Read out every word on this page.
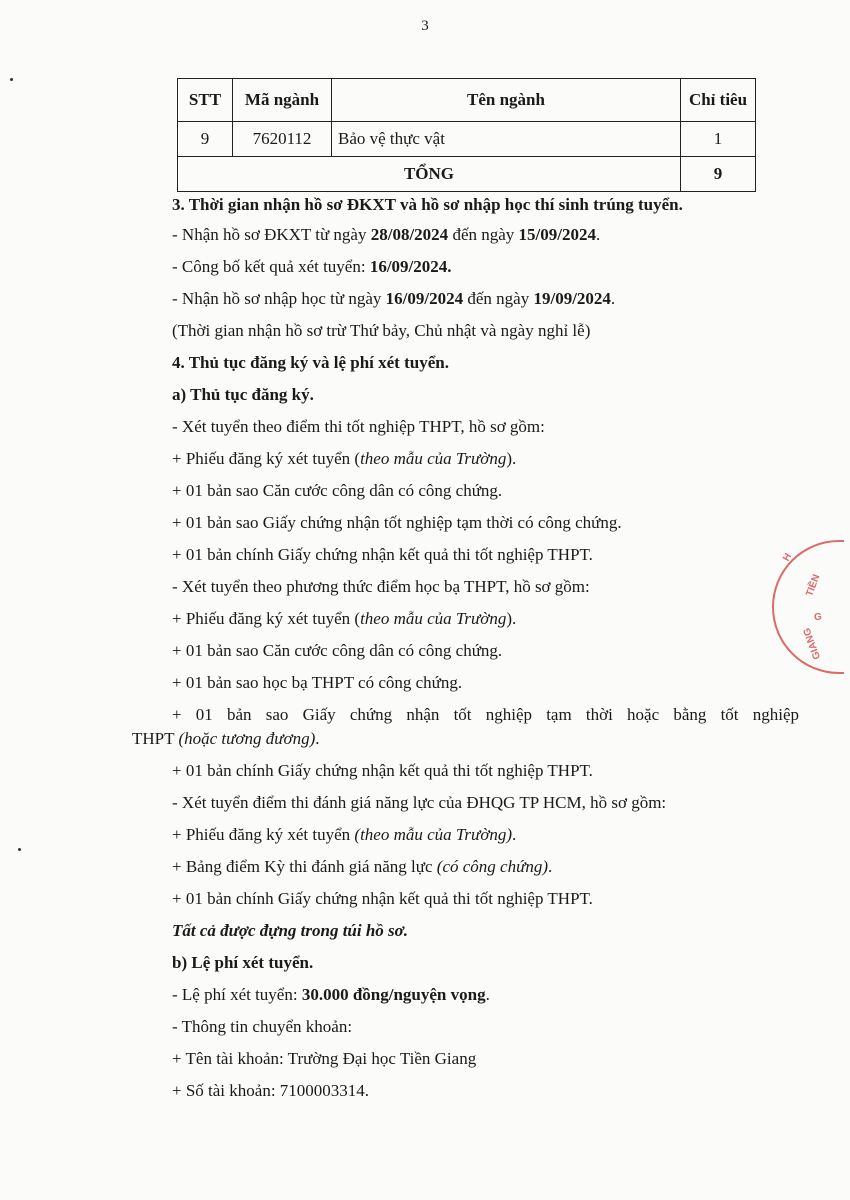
3
STT	Mã ngành	Tên ngành	Chỉ tiêu
9	7620112	Bảo vệ thực vật	1
TỔNG			9
3. Thời gian nhận hồ sơ ĐKXT và hồ sơ nhập học thí sinh trúng tuyển.
- Nhận hồ sơ ĐKXT từ ngày 28/08/2024 đến ngày 15/09/2024.
- Công bố kết quả xét tuyển: 16/09/2024.
- Nhận hồ sơ nhập học từ ngày 16/09/2024 đến ngày 19/09/2024.
(Thời gian nhận hồ sơ trừ Thứ bảy, Chủ nhật và ngày nghỉ lễ)
4. Thủ tục đăng ký và lệ phí xét tuyển.
a) Thủ tục đăng ký.
- Xét tuyển theo điểm thi tốt nghiệp THPT, hồ sơ gồm:
+ Phiếu đăng ký xét tuyển (theo mẫu của Trường).
+ 01 bản sao Căn cước công dân có công chứng.
+ 01 bản sao Giấy chứng nhận tốt nghiệp tạm thời có công chứng.
+ 01 bản chính Giấy chứng nhận kết quả thi tốt nghiệp THPT.
- Xét tuyển theo phương thức điểm học bạ THPT, hồ sơ gồm:
+ Phiếu đăng ký xét tuyển (theo mẫu của Trường).
+ 01 bản sao Căn cước công dân có công chứng.
+ 01 bản sao học bạ THPT có công chứng.
+ 01 bản sao Giấy chứng nhận tốt nghiệp tạm thời hoặc bằng tốt nghiệp
THPT (hoặc tương đương).
+ 01 bản chính Giấy chứng nhận kết quả thi tốt nghiệp THPT.
- Xét tuyển điểm thi đánh giá năng lực của ĐHQG TP HCM, hồ sơ gồm:
+ Phiếu đăng ký xét tuyển (theo mẫu của Trường).
+ Bảng điểm Kỳ thi đánh giá năng lực (có công chứng).
+ 01 bản chính Giấy chứng nhận kết quả thi tốt nghiệp THPT.
Tất cả được đựng trong túi hồ sơ.
b) Lệ phí xét tuyển.
- Lệ phí xét tuyển: 30.000 đồng/nguyện vọng.
- Thông tin chuyển khoản:
+ Tên tài khoản: Trường Đại học Tiền Giang
+ Số tài khoản: 7100003314.
H
TIỀN
G
GIANG
